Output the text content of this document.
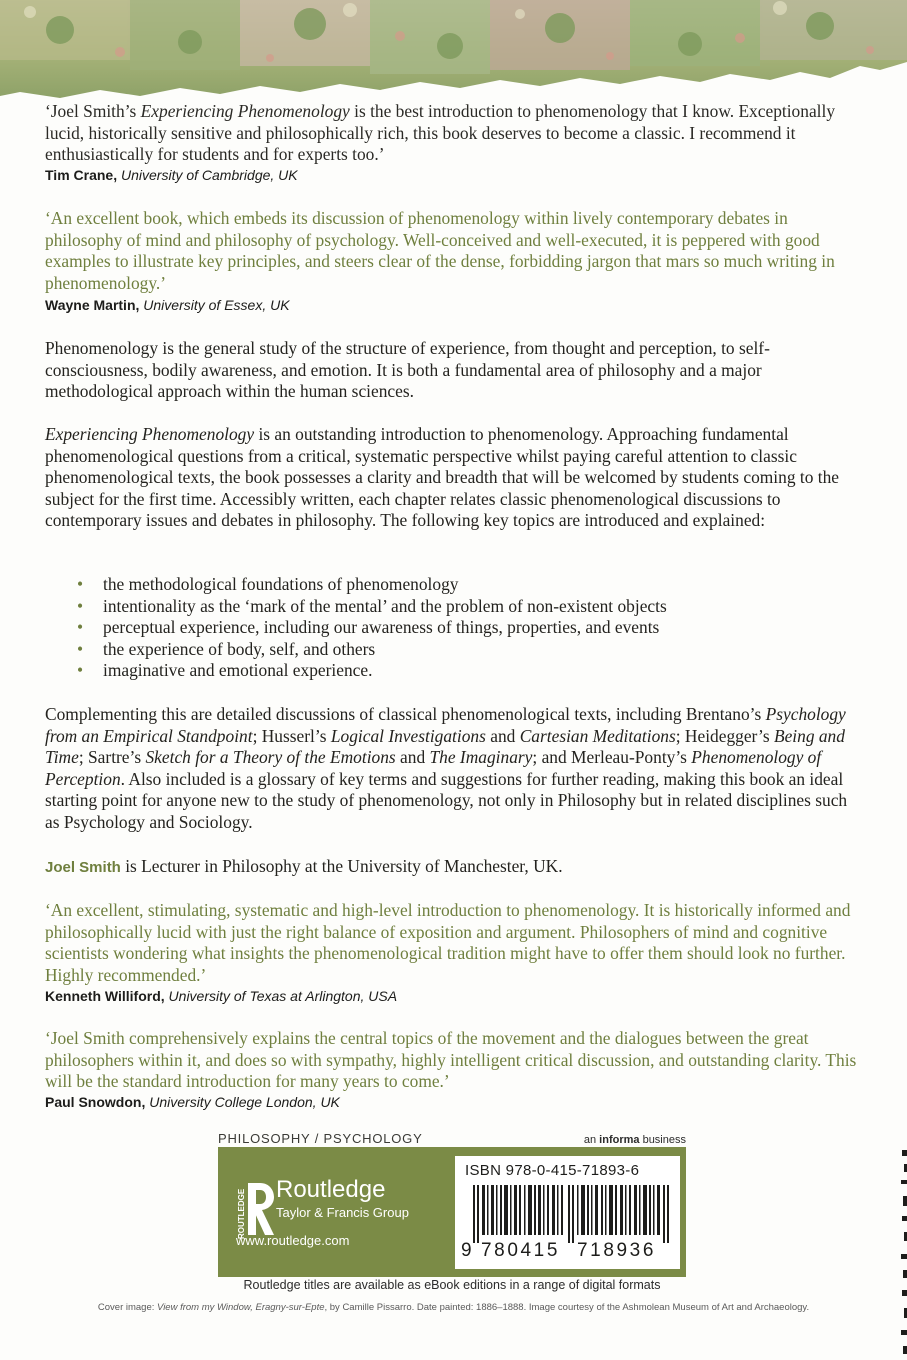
‘Joel Smith’s Experiencing Phenomenology is the best introduction to phenomenology that I know. Exceptionally lucid, historically sensitive and philosophically rich, this book deserves to become a classic. I recommend it enthusiastically for students and for experts too.’

Tim Crane, University of Cambridge, UK

‘An excellent book, which embeds its discussion of phenomenology within lively contemporary debates in philosophy of mind and philosophy of psychology. Well-conceived and well-executed, it is peppered with good examples to illustrate key principles, and steers clear of the dense, forbidding jargon that mars so much writing in phenomenology.’

Wayne Martin, University of Essex, UK

Phenomenology is the general study of the structure of experience, from thought and perception, to self-consciousness, bodily awareness, and emotion. It is both a fundamental area of philosophy and a major methodological approach within the human sciences.

Experiencing Phenomenology is an outstanding introduction to phenomenology. Approaching fundamental phenomenological questions from a critical, systematic perspective whilst paying careful attention to classic phenomenological texts, the book possesses a clarity and breadth that will be welcomed by students coming to the subject for the first time. Accessibly written, each chapter relates classic phenomenological discussions to contemporary issues and debates in philosophy. The following key topics are introduced and explained:

• the methodological foundations of phenomenology
• intentionality as the ‘mark of the mental’ and the problem of non-existent objects
• perceptual experience, including our awareness of things, properties, and events
• the experience of body, self, and others
• imaginative and emotional experience.

Complementing this are detailed discussions of classical phenomenological texts, including Brentano’s Psychology from an Empirical Standpoint; Husserl’s Logical Investigations and Cartesian Meditations; Heidegger’s Being and Time; Sartre’s Sketch for a Theory of the Emotions and The Imaginary; and Merleau-Ponty’s Phenomenology of Perception. Also included is a glossary of key terms and suggestions for further reading, making this book an ideal starting point for anyone new to the study of phenomenology, not only in Philosophy but in related disciplines such as Psychology and Sociology.

Joel Smith is Lecturer in Philosophy at the University of Manchester, UK.

‘An excellent, stimulating, systematic and high-level introduction to phenomenology. It is historically informed and philosophically lucid with just the right balance of exposition and argument. Philosophers of mind and cognitive scientists wondering what insights the phenomenological tradition might have to offer them should look no further. Highly recommended.’

Kenneth Williford, University of Texas at Arlington, USA

‘Joel Smith comprehensively explains the central topics of the movement and the dialogues between the great philosophers within it, and does so with sympathy, highly intelligent critical discussion, and outstanding clarity. This will be the standard introduction for many years to come.’

Paul Snowdon, University College London, UK

PHILOSOPHY / PSYCHOLOGY	an informa business
ROUTLEDGE Routledge
Taylor & Francis Group
www.routledge.com
ISBN 978-0-415-71893-6
9 780415 718936
Routledge titles are available as eBook editions in a range of digital formats
Cover image: View from my Window, Eragny-sur-Epte, by Camille Pissarro. Date painted: 1886–1888. Image courtesy of the Ashmolean Museum of Art and Archaeology.
